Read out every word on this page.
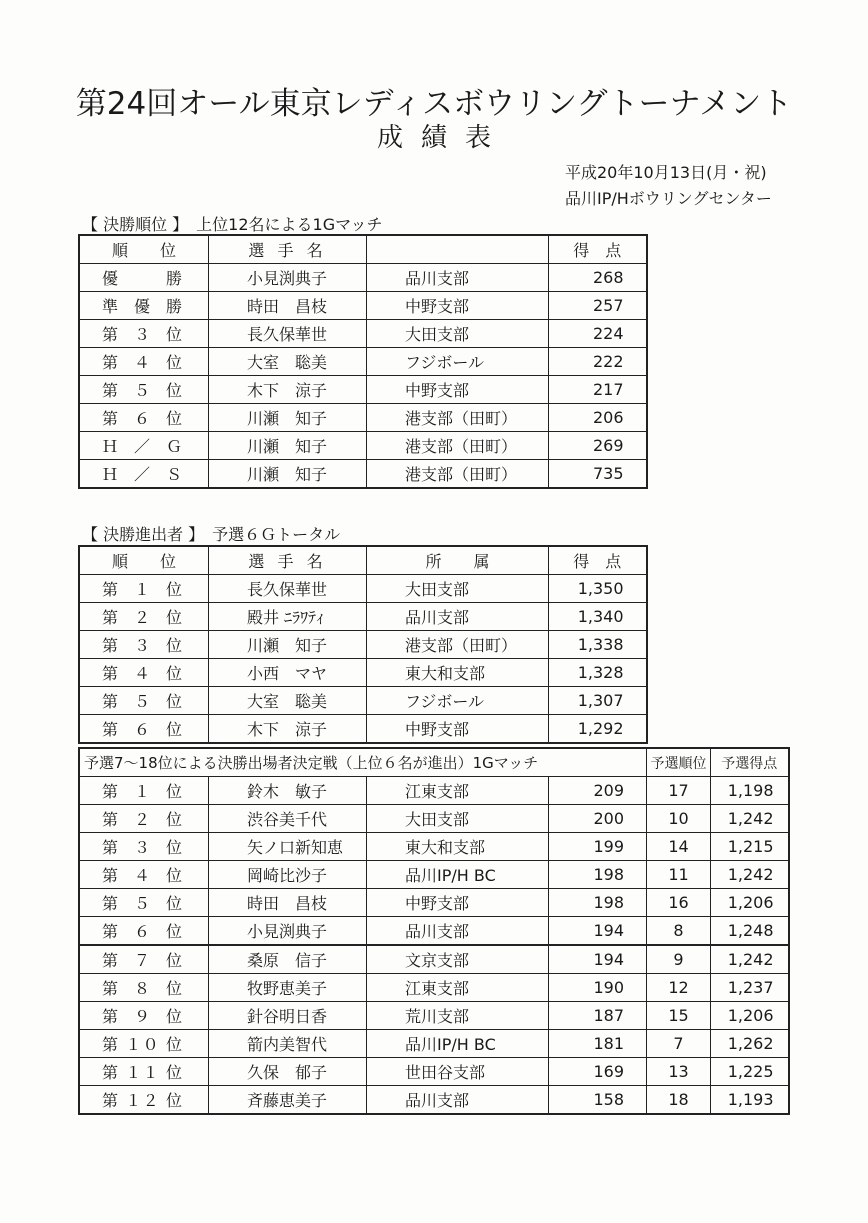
第24回オール東京レディスボウリングトーナメント
成績表
平成20年10月13日(月・祝)
品川IP/Hボウリングセンター
【 決勝順位 】　上位12名による1Gマッチ
順　　位	選 手 名		得　点
優　　勝	小見渕典子	品川支部	268
準 優 勝	時田　昌枝	中野支部	257
第　３　位	長久保華世	大田支部	224
第　４　位	大室　聡美	フジボール	222
第　５　位	木下　涼子	中野支部	217
第　６　位	川瀬　知子	港支部（田町）	206
Ｈ　／　Ｇ	川瀬　知子	港支部（田町）	269
Ｈ　／　Ｓ	川瀬　知子	港支部（田町）	735
【 決勝進出者 】　予選６Ｇトータル
順　　位	選 手 名	所　　属	得　点
第　１　位	長久保華世	大田支部	1,350
第　２　位	殿井 ﾆﾗﾜﾃｨ	品川支部	1,340
第　３　位	川瀬　知子	港支部（田町）	1,338
第　４　位	小西　マヤ	東大和支部	1,328
第　５　位	大室　聡美	フジボール	1,307
第　６　位	木下　涼子	中野支部	1,292
予選7～18位による決勝出場者決定戦（上位６名が進出）1Gマッチ				予選順位	予選得点
第　１　位	鈴木　敏子	江東支部	209	17	1,198
第　２　位	渋谷美千代	大田支部	200	10	1,242
第　３　位	矢ノ口新知恵	東大和支部	199	14	1,215
第　４　位	岡崎比沙子	品川IP/H BC	198	11	1,242
第　５　位	時田　昌枝	中野支部	198	16	1,206
第　６　位	小見渕典子	品川支部	194	8	1,248
第　７　位	桑原　信子	文京支部	194	9	1,242
第　８　位	牧野恵美子	江東支部	190	12	1,237
第　９　位	針谷明日香	荒川支部	187	15	1,206
第 １０ 位	箭内美智代	品川IP/H BC	181	7	1,262
第 １１ 位	久保　郁子	世田谷支部	169	13	1,225
第 １２ 位	斉藤恵美子	品川支部	158	18	1,193
